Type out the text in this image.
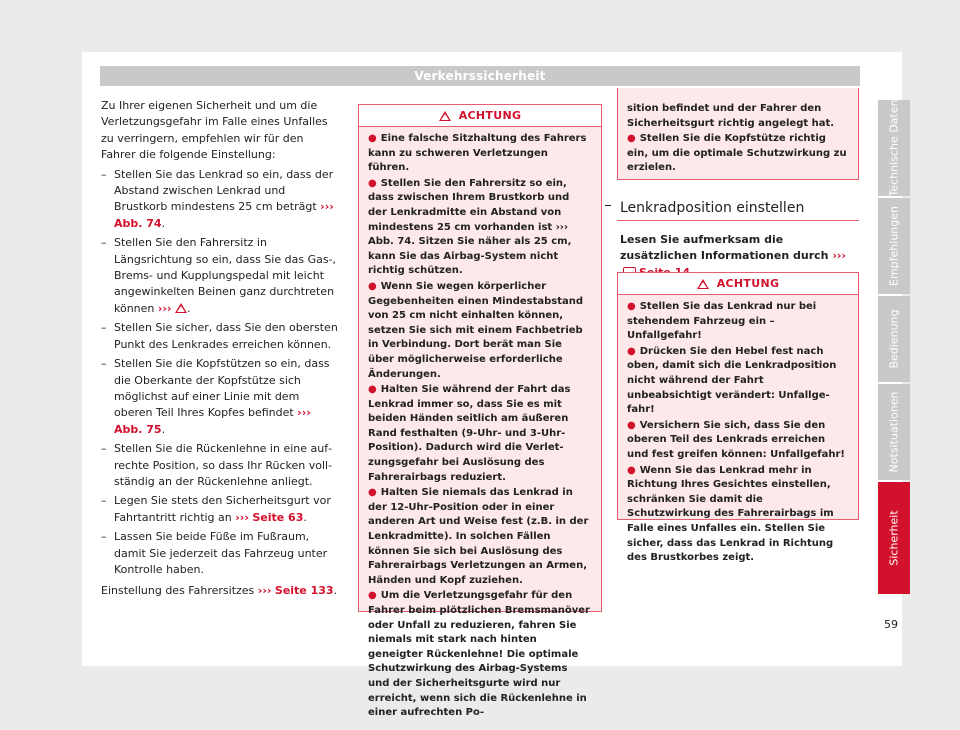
Verkehrssicherheit

Zu Ihrer eigenen Sicherheit und um die Verletzungsgefahr im Falle eines Unfalles zu verringern, empfehlen wir für den Fahrer die folgende Einstellung:

– Stellen Sie das Lenkrad so ein, dass der Abstand zwischen Lenkrad und Brustkorb mindestens 25 cm beträgt ››› Abb. 74.
– Stellen Sie den Fahrersitz in Längsrichtung so ein, dass Sie das Gas-, Brems- und Kupplungspedal mit leicht angewinkelten Beinen ganz durchtreten können ››› .
– Stellen Sie sicher, dass Sie den obersten Punkt des Lenkrades erreichen können.
– Stellen Sie die Kopfstützen so ein, dass die Oberkante der Kopfstütze sich möglichst auf einer Linie mit dem oberen Teil Ihres Kopfes befindet ››› Abb. 75.
– Stellen Sie die Rückenlehne in eine aufrechte Position, so dass Ihr Rücken vollständig an der Rückenlehne anliegt.
– Legen Sie stets den Sicherheitsgurt vor Fahrtantritt richtig an ››› Seite 63.
– Lassen Sie beide Füße im Fußraum, damit Sie jederzeit das Fahrzeug unter Kontrolle haben.

Einstellung des Fahrersitzes ››› Seite 133.

ACHTUNG
● Eine falsche Sitzhaltung des Fahrers kann zu schweren Verletzungen führen.
● Stellen Sie den Fahrersitz so ein, dass zwischen Ihrem Brustkorb und der Lenkradmitte ein Abstand von mindestens 25 cm vorhanden ist ››› Abb. 74. Sitzen Sie näher als 25 cm, kann Sie das Airbag-System nicht richtig schützen.
● Wenn Sie wegen körperlicher Gegebenheiten einen Mindestabstand von 25 cm nicht einhalten können, setzen Sie sich mit einem Fachbetrieb in Verbindung. Dort berät man Sie über möglicherweise erforderliche Änderungen.
● Halten Sie während der Fahrt das Lenkrad immer so, dass Sie es mit beiden Händen seitlich am äußeren Rand festhalten (9-Uhr- und 3-Uhr-Position). Dadurch wird die Verletzungsgefahr bei Auslösung des Fahrerairbags reduziert.
● Halten Sie niemals das Lenkrad in der 12-Uhr-Position oder in einer anderen Art und Weise fest (z.B. in der Lenkradmitte). In solchen Fällen können Sie sich bei Auslösung des Fahrerairbags Verletzungen an Armen, Händen und Kopf zuziehen.
● Um die Verletzungsgefahr für den Fahrer beim plötzlichen Bremsmanöver oder Unfall zu reduzieren, fahren Sie niemals mit stark nach hinten geneigter Rückenlehne! Die optimale Schutzwirkung des Airbag-Systems und der Sicherheitsgurte wird nur erreicht, wenn sich die Rückenlehne in einer aufrechten Po-
sition befindet und der Fahrer den Sicherheitsgurt richtig angelegt hat.
● Stellen Sie die Kopfstütze richtig ein, um die optimale Schutzwirkung zu erzielen.
Lenkradposition einstellen
Lesen Sie aufmerksam die zusätzlichen Informationen durch ›››
ACHTUNG
● Stellen Sie das Lenkrad nur bei stehendem Fahrzeug ein – Unfallgefahr!
● Drücken Sie den Hebel fest nach oben, damit sich die Lenkradposition nicht während der Fahrt unbeabsichtigt verändert: Unfallgefahr!
● Versichern Sie sich, dass Sie den oberen Teil des Lenkrads erreichen und fest greifen können: Unfallgefahr!
● Wenn Sie das Lenkrad mehr in Richtung Ihres Gesichtes einstellen, schränken Sie damit die Schutzwirkung des Fahrerairbags im Falle eines Unfalles ein. Stellen Sie sicher, dass das Lenkrad in Richtung des Brustkorbes zeigt.
Technische Daten
Empfehlungen
Bedienung
Notsituationen
Sicherheit
59
